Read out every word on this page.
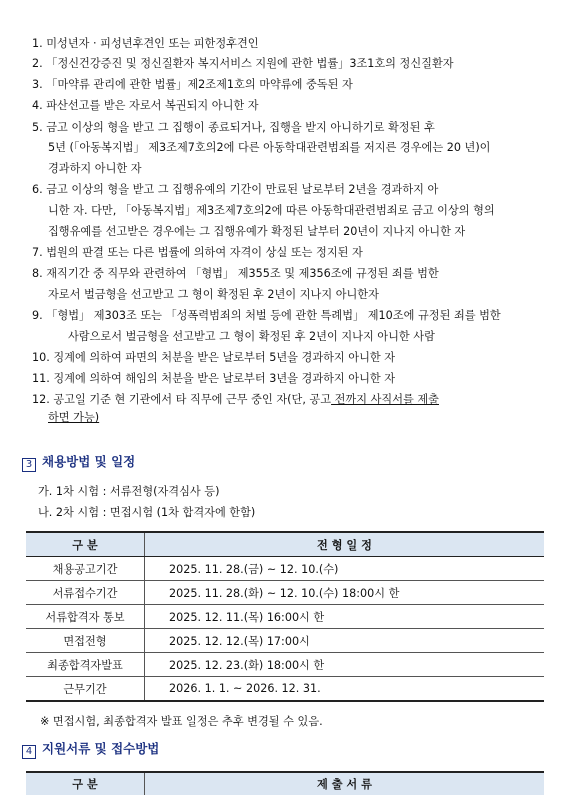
1. 미성년자 · 피성년후견인 또는 피한정후견인
2. 「정신건강증진 및 정신질환자 복지서비스 지원에 관한 법률」3조1호의 정신질환자
3. 「마약류 관리에 관한 법률」제2조제1호의 마약류에 중독된 자
4. 파산선고를 받은 자로서 복권되지 아니한 자
5. 금고 이상의 형을 받고 그 집행이 종료되거나, 집행을 받지 아니하기로 확정된 후
5년 (「아동복지법」 제3조제7호의2에 다른 아동학대관련범죄를 저지른 경우에는 20 년)이
경과하지 아니한 자
6. 금고 이상의 형을 받고 그 집행유예의 기간이 만료된 날로부터 2년을 경과하지 아
니한 자. 다만, 「아동복지법」제3조제7호의2에 따른 아동학대관련범죄로 금고 이상의 형의
집행유예를 선고받은 경우에는 그 집행유예가 확정된 날부터 20년이 지나지 아니한 자
7. 법원의 판결 또는 다른 법률에 의하여 자격이 상실 또는 정지된 자
8. 재직기간 중 직무와 관련하여 「형법」 제355조 및 제356조에 규정된 죄를 범한
자로서 벌금형을 선고받고 그 형이 확정된 후 2년이 지나지 아니한자
9. 「형법」 제303조 또는 「성폭력범죄의 처벌 등에 관한 특례법」 제10조에 규정된 죄를 범한
사람으로서 벌금형을 선고받고 그 형이 확정된 후 2년이 지나지 아니한 사람
10. 징계에 의하여 파면의 처분을 받은 날로부터 5년을 경과하지 아니한 자
11. 징계에 의하여 해임의 처분을 받은 날로부터 3년을 경과하지 아니한 자
12. 공고일 기준 현 기관에서 타 직무에 근무 중인 자(단, 공고 전까지 사직서를 제출
하면 가능)
3 채용방법 및 일정
가. 1차 시험 : 서류전형(자격심사 등)
나. 2차 시험 : 면접시험 (1차 합격자에 한함)
구 분	전 형 일 정
채용공고기간	2025. 11. 28.(금) ~ 12. 10.(수)
서류접수기간	2025. 11. 28.(화) ~ 12. 10.(수) 18:00시 한
서류합격자 통보	2025. 12. 11.(목) 16:00시 한
면접전형	2025. 12. 12.(목) 17:00시
최종합격자발표	2025. 12. 23.(화) 18:00시 한
근무기간	2026. 1. 1. ~ 2026. 12. 31.
※ 면접시험, 최종합격자 발표 일정은 추후 변경될 수 있음.
4 지원서류 및 접수방법
구 분	제 출 서 류
